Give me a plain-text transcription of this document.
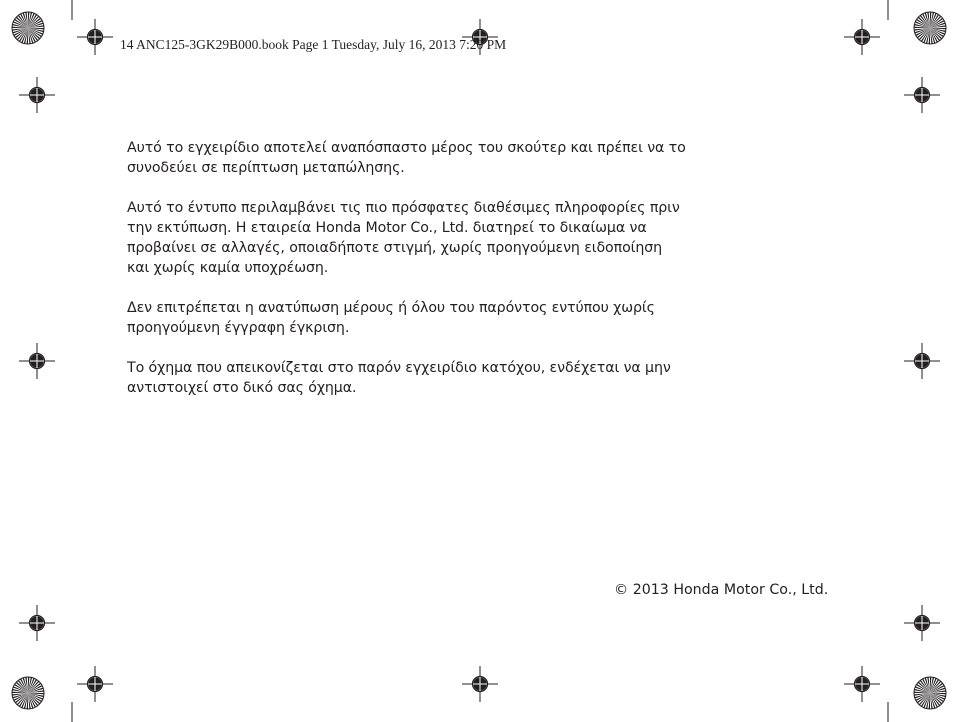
14 ANC125-3GK29B000.book Page 1 Tuesday, July 16, 2013 7:20 PM

Αυτό το εγχειρίδιο αποτελεί αναπόσπαστο μέρος του σκούτερ και πρέπει να το συνοδεύει σε περίπτωση μεταπώλησης.

Αυτό το έντυπο περιλαμβάνει τις πιο πρόσφατες διαθέσιμες πληροφορίες πριν την εκτύπωση. Η εταιρεία Honda Motor Co., Ltd. διατηρεί το δικαίωμα να προβαίνει σε αλλαγές, οποιαδήποτε στιγμή, χωρίς προηγούμενη ειδοποίηση και χωρίς καμία υποχρέωση.

Δεν επιτρέπεται η ανατύπωση μέρους ή όλου του παρόντος εντύπου χωρίς προηγούμενη έγγραφη έγκριση.

Το όχημα που απεικονίζεται στο παρόν εγχειρίδιο κατόχου, ενδέχεται να μην αντιστοιχεί στο δικό σας όχημα.

© 2013 Honda Motor Co., Ltd.
